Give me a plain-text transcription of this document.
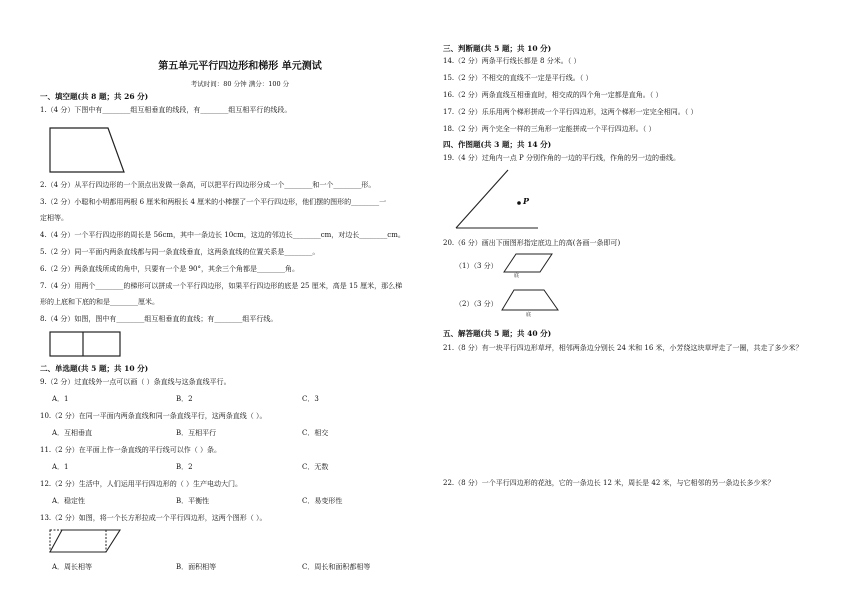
第五单元平行四边形和梯形 单元测试
考试时间：80 分钟 满分：100 分
一、填空题(共 8 题；共 26 分)
1.（4 分）下图中有________组互相垂直的线段，有________组互相平行的线段。
2.（4 分）从平行四边形的一个顶点出发做一条高，可以把平行四边形分成一个________和一个________形。
3.（2 分）小聪和小明都用两根 6 厘米和两根长 4 厘米的小棒摆了一个平行四边形，他们摆的图形的________一
定相等。
4.（4 分）一个平行四边形的周长是 56cm，其中一条边长 10cm，这边的邻边长________cm，对边长________cm。
5.（2 分）同一平面内两条直线都与同一条直线垂直，这两条直线的位置关系是________。
6.（2 分）两条直线所成的角中，只要有一个是 90°，其余三个角都是________角。
7.（4 分）用两个________的梯形可以拼成一个平行四边形，如果平行四边形的底是 25 厘米，高是 15 厘米，那么梯
形的上底和下底的和是________厘米。
8.（4 分）如图，图中有________组互相垂直的直线；有________组平行线。
二、单选题(共 5 题；共 10 分)
9.（2 分）过直线外一点可以画（ ）条直线与这条直线平行。
A．1	B．2	C．3
10.（2 分）在同一平面内两条直线和同一条直线平行，这两条直线（ ）。
A．互相垂直	B．互相平行	C．相交
11.（2 分）在平面上作一条直线的平行线可以作（ ）条。
A．1	B．2	C．无数
12.（2 分）生活中，人们运用平行四边形的（ ）生产电动大门。
A．稳定性	B．平衡性	C．易变形性
13.（2 分）如图，将一个长方形拉成一个平行四边形，这两个图形（ ）。
A．周长相等	B．面积相等	C．周长和面积都相等
三、判断题(共 5 题；共 10 分)
14.（2 分）两条平行线长都是 8 分米。（ ）
15.（2 分）不相交的直线不一定是平行线。（ ）
16.（2 分）两条直线互相垂直时，相交成的四个角一定都是直角。（ ）
17.（2 分）乐乐用两个梯形拼成一个平行四边形，这两个梯形一定完全相同。（ ）
18.（2 分）两个完全一样的三角形一定能拼成一个平行四边形。（ ）
四、作图题(共 3 题；共 14 分)
19.（4 分）过角内一点 P 分别作角的一边的平行线，作角的另一边的垂线。
P
20.（6 分）画出下面图形指定底边上的高(各画一条即可)
（1）（3 分）
底
（2）（3 分）
底
五、解答题(共 5 题；共 40 分)
21.（8 分）有一块平行四边形草坪，相邻两条边分别长 24 米和 16 米，小芳绕这块草坪走了一圈，共走了多少米？
22.（8 分）一个平行四边形的花池，它的一条边长 12 米，周长是 42 米，与它相邻的另一条边长多少米？
